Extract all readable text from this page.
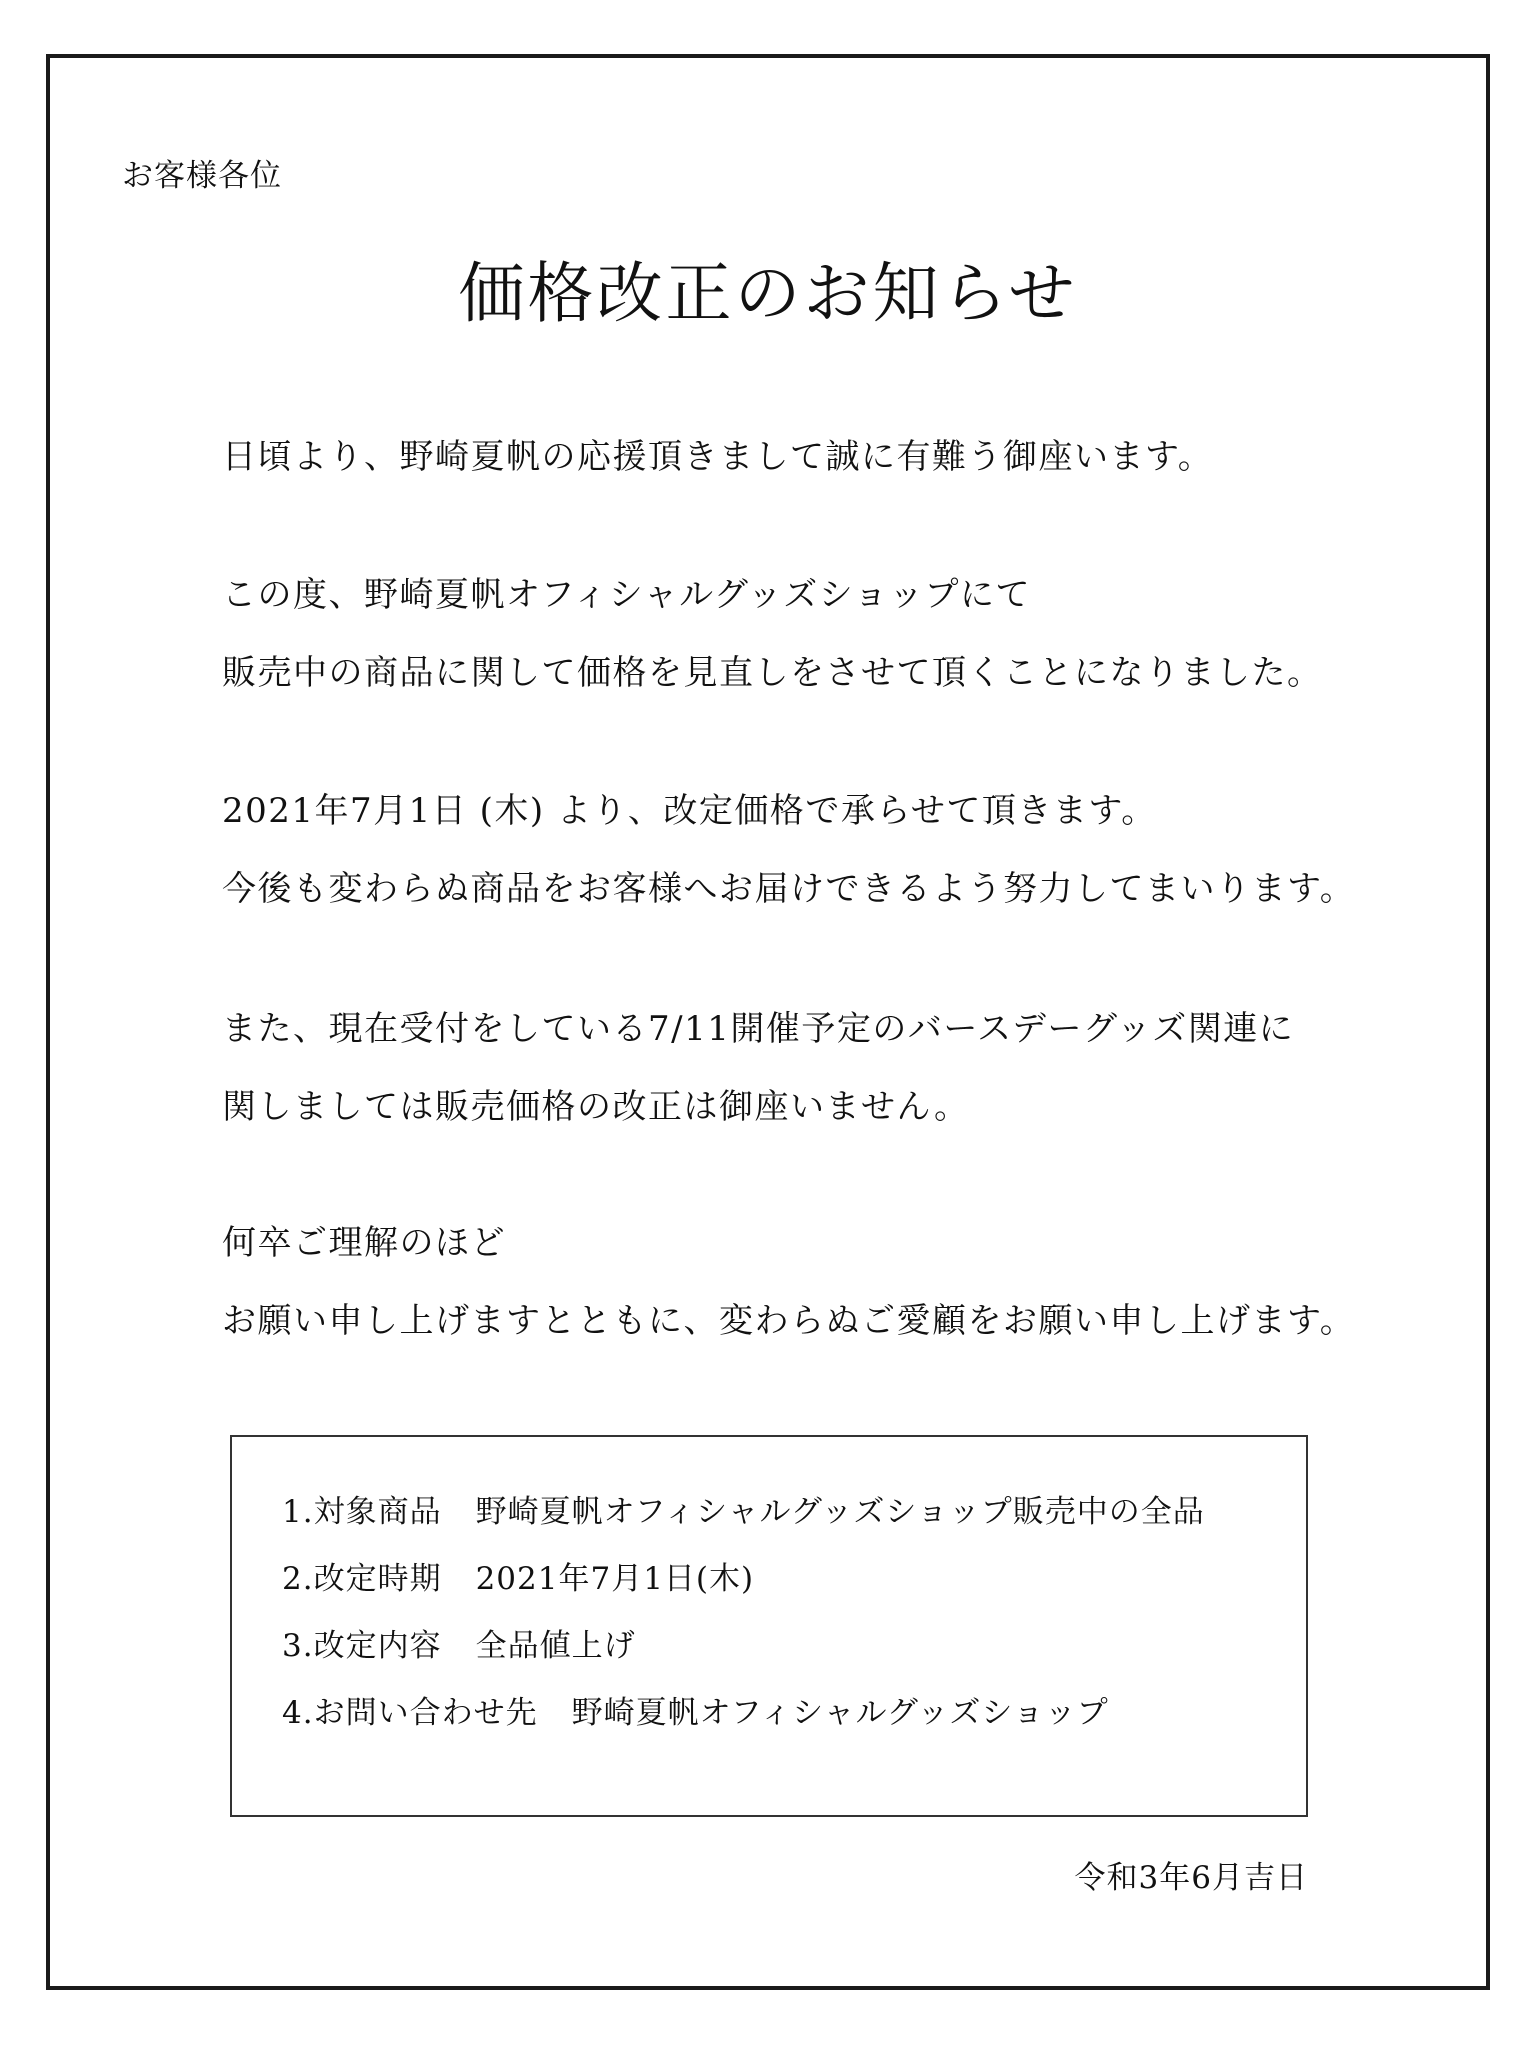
お客様各位
価格改正のお知らせ
日頃より、野崎夏帆の応援頂きまして誠に有難う御座います。
この度、野崎夏帆オフィシャルグッズショップにて
販売中の商品に関して価格を見直しをさせて頂くことになりました。
2021年7月1日 (木) より、改定価格で承らせて頂きます。
今後も変わらぬ商品をお客様へお届けできるよう努力してまいります。
また、現在受付をしている7/11開催予定のバースデーグッズ関連に
関しましては販売価格の改正は御座いません。
何卒ご理解のほど
お願い申し上げますとともに、変わらぬご愛顧をお願い申し上げます。
1.対象商品 野崎夏帆オフィシャルグッズショップ販売中の全品
2.改定時期 2021年7月1日(木)
3.改定内容 全品値上げ
4.お問い合わせ先 野崎夏帆オフィシャルグッズショップ
令和3年6月吉日
